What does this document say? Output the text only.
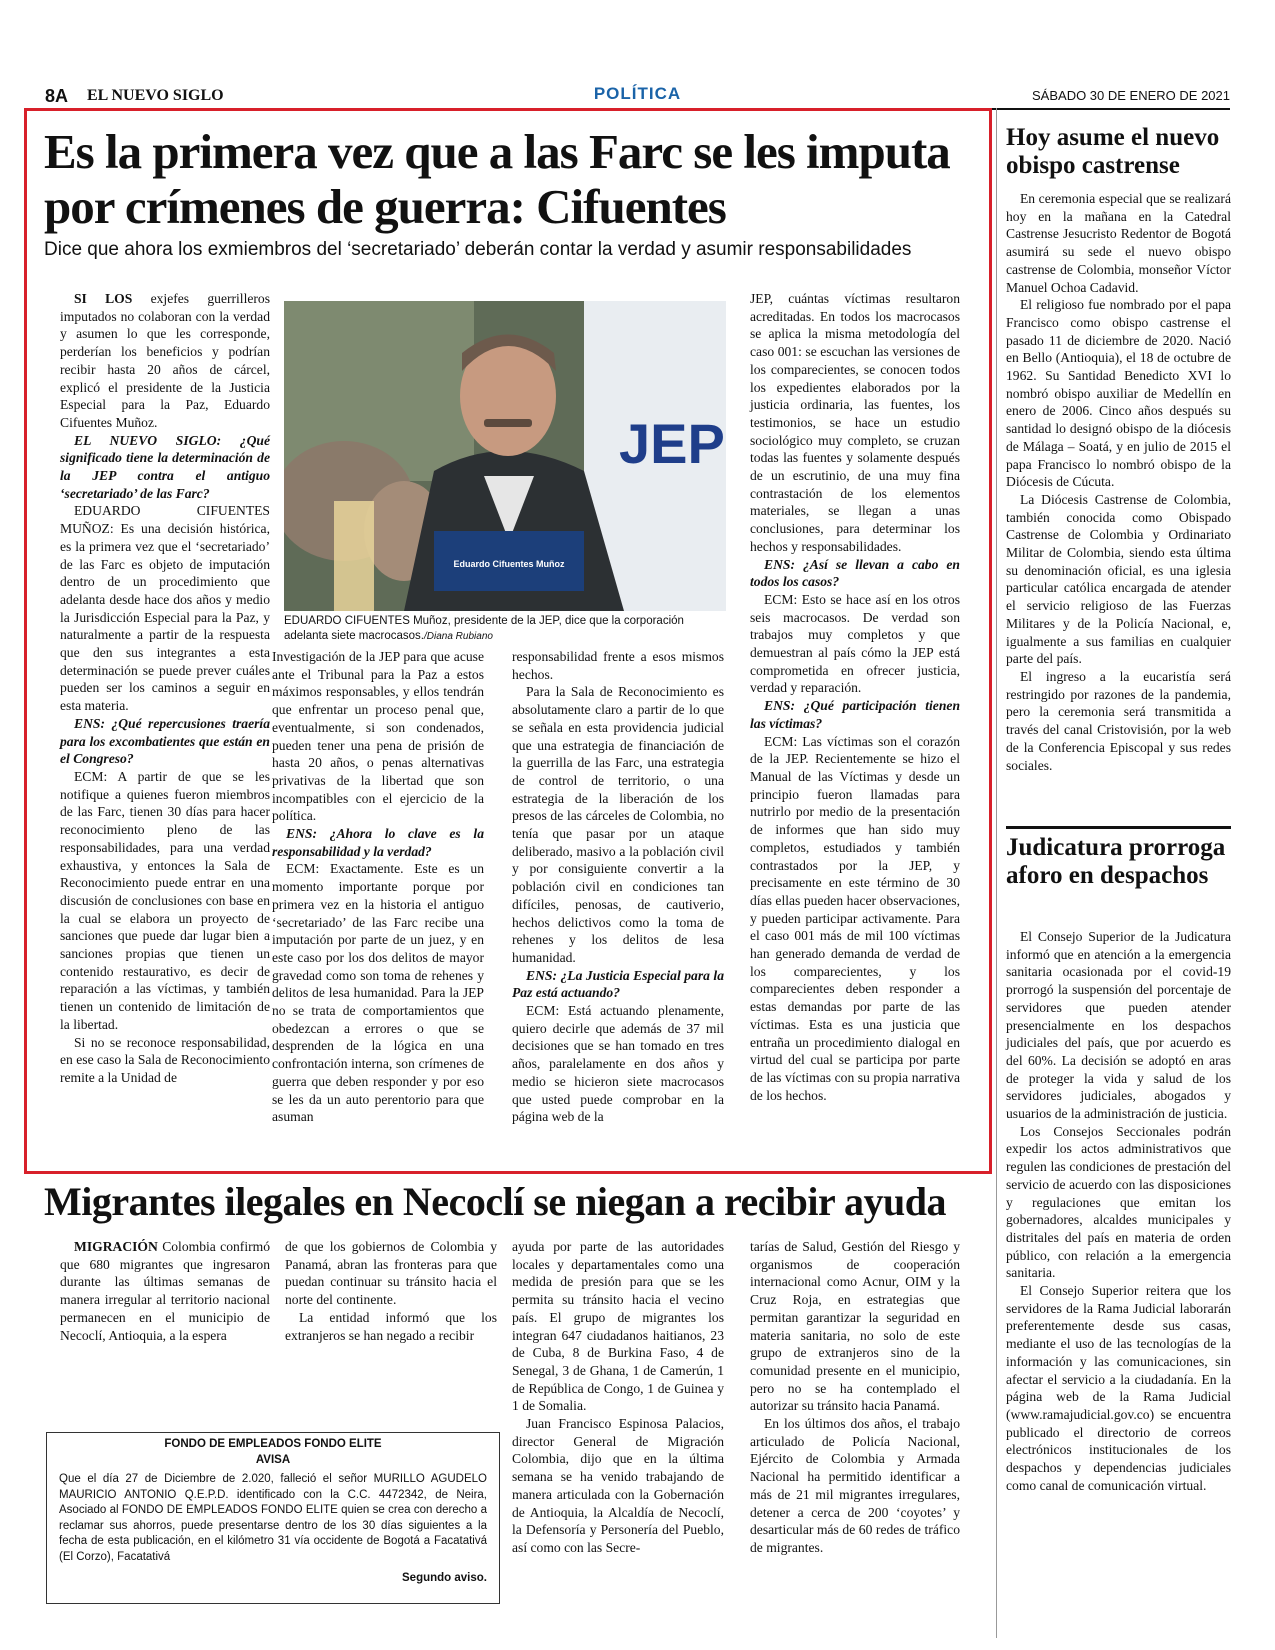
8A EL NUEVO SIGLO	POLÍTICA	SÁBADO 30 DE ENERO DE 2021
Es la primera vez que a las Farc se les imputa por crímenes de guerra: Cifuentes
Dice que ahora los exmiembros del ‘secretariado’ deberán contar la verdad y asumir responsabilidades

SI LOS exjefes guerrilleros imputados no colaboran con la verdad y asumen lo que les corresponde, perderían los beneficios y podrían recibir hasta 20 años de cárcel, explicó el presidente de la Justicia Especial para la Paz, Eduardo Cifuentes Muñoz.

EL NUEVO SIGLO: ¿Qué significado tiene la determinación de la JEP contra el antiguo ‘secretariado’ de las Farc?

EDUARDO CIFUENTES MUÑOZ: Es una decisión histórica, es la primera vez que el ‘secretariado’ de las Farc es objeto de imputación dentro de un procedimiento que adelanta desde hace dos años y medio la Jurisdicción Especial para la Paz, y naturalmente a partir de la respuesta que den sus integrantes a esta determinación se puede prever cuáles pueden ser los caminos a seguir en esta materia.

ENS: ¿Qué repercusiones traería para los excombatientes que están en el Congreso?

ECM: A partir de que se les notifique a quienes fueron miembros de las Farc, tienen 30 días para hacer reconocimiento pleno de las responsabilidades, para una verdad exhaustiva, y entonces la Sala de Reconocimiento puede entrar en una discusión de conclusiones con base en la cual se elabora un proyecto de sanciones que puede dar lugar bien a sanciones propias que tienen un contenido restaurativo, es decir de reparación a las víctimas, y también tienen un contenido de limitación de la libertad.

Si no se reconoce responsabilidad, en ese caso la Sala de Reconocimiento remite a la Unidad de

JEP
Eduardo Cifuentes Muñoz
EDUARDO CIFUENTES Muñoz, presidente de la JEP, dice que la corporación adelanta siete macrocasos./Diana Rubiano

Investigación de la JEP para que acuse ante el Tribunal para la Paz a estos máximos responsables, y ellos tendrán que enfrentar un proceso penal que, eventualmente, si son condenados, pueden tener una pena de prisión de hasta 20 años, o penas alternativas privativas de la libertad que son incompatibles con el ejercicio de la política.

ENS: ¿Ahora lo clave es la responsabilidad y la verdad?

ECM: Exactamente. Este es un momento importante porque por primera vez en la historia el antiguo ‘secretariado’ de las Farc recibe una imputación por parte de un juez, y en este caso por los dos delitos de mayor gravedad como son toma de rehenes y delitos de lesa humanidad. Para la JEP no se trata de comportamientos que obedezcan a errores o que se desprenden de la lógica en una confrontación interna, son crímenes de guerra que deben responder y por eso se les da un auto perentorio para que asuman

responsabilidad frente a esos mismos hechos.

Para la Sala de Reconocimiento es absolutamente claro a partir de lo que se señala en esta providencia judicial que una estrategia de financiación de la guerrilla de las Farc, una estrategia de control de territorio, o una estrategia de la liberación de los presos de las cárceles de Colombia, no tenía que pasar por un ataque deliberado, masivo a la población civil y por consiguiente convertir a la población civil en condiciones tan difíciles, penosas, de cautiverio, hechos delictivos como la toma de rehenes y los delitos de lesa humanidad.

ENS: ¿La Justicia Especial para la Paz está actuando?

ECM: Está actuando plenamente, quiero decirle que además de 37 mil decisiones que se han tomado en tres años, paralelamente en dos años y medio se hicieron siete macrocasos que usted puede comprobar en la página web de la

JEP, cuántas víctimas resultaron acreditadas. En todos los macrocasos se aplica la misma metodología del caso 001: se escuchan las versiones de los comparecientes, se conocen todos los expedientes elaborados por la justicia ordinaria, las fuentes, los testimonios, se hace un estudio sociológico muy completo, se cruzan todas las fuentes y solamente después de un escrutinio, de una muy fina contrastación de los elementos materiales, se llegan a unas conclusiones, para determinar los hechos y responsabilidades.

ENS: ¿Así se llevan a cabo en todos los casos?

ECM: Esto se hace así en los otros seis macrocasos. De verdad son trabajos muy completos y que demuestran al país cómo la JEP está comprometida en ofrecer justicia, verdad y reparación.

ENS: ¿Qué participación tienen las víctimas?

ECM: Las víctimas son el corazón de la JEP. Recientemente se hizo el Manual de las Víctimas y desde un principio fueron llamadas para nutrirlo por medio de la presentación de informes que han sido muy completos, estudiados y también contrastados por la JEP, y precisamente en este término de 30 días ellas pueden hacer observaciones, y pueden participar activamente. Para el caso 001 más de mil 100 víctimas han generado demanda de verdad de los comparecientes, y los comparecientes deben responder a estas demandas por parte de las víctimas. Esta es una justicia que entraña un procedimiento dialogal en virtud del cual se participa por parte de las víctimas con su propia narrativa de los hechos.

Migrantes ilegales en Necoclí se niegan a recibir ayuda

MIGRACIÓN Colombia confirmó que 680 migrantes que ingresaron durante las últimas semanas de manera irregular al territorio nacional permanecen en el municipio de Necoclí, Antioquia, a la espera

de que los gobiernos de Colombia y Panamá, abran las fronteras para que puedan continuar su tránsito hacia el norte del continente.

La entidad informó que los extranjeros se han negado a recibir

ayuda por parte de las autoridades locales y departamentales como una medida de presión para que se les permita su tránsito hacia el vecino país. El grupo de migrantes los integran 647 ciudadanos haitianos, 23 de Cuba, 8 de Burkina Faso, 4 de Senegal, 3 de Ghana, 1 de Camerún, 1 de República de Congo, 1 de Guinea y 1 de Somalia.

Juan Francisco Espinosa Palacios, director General de Migración Colombia, dijo que en la última semana se ha venido trabajando de manera articulada con la Gobernación de Antioquia, la Alcaldía de Necoclí, la Defensoría y Personería del Pueblo, así como con las Secre-

tarías de Salud, Gestión del Riesgo y organismos de cooperación internacional como Acnur, OIM y la Cruz Roja, en estrategias que permitan garantizar la seguridad en materia sanitaria, no solo de este grupo de extranjeros sino de la comunidad presente en el municipio, pero no se ha contemplado el autorizar su tránsito hacia Panamá.

En los últimos dos años, el trabajo articulado de Policía Nacional, Ejército de Colombia y Armada Nacional ha permitido identificar a más de 21 mil migrantes irregulares, detener a cerca de 200 ‘coyotes’ y desarticular más de 60 redes de tráfico de migrantes.

FONDO DE EMPLEADOS FONDO ELITE
AVISA
Que el día 27 de Diciembre de 2.020, falleció el señor MURILLO AGUDELO MAURICIO ANTONIO Q.E.P.D. identificado con la C.C. 4472342, de Neira, Asociado al FONDO DE EMPLEADOS FONDO ELITE quien se crea con derecho a reclamar sus ahorros, puede presentarse dentro de los 30 días siguientes a la fecha de esta publicación, en el kilómetro 31 vía occidente de Bogotá a Facatativá (El Corzo), Facatativá
Segundo aviso.
Hoy asume el nuevo obispo castrense

En ceremonia especial que se realizará hoy en la mañana en la Catedral Castrense Jesucristo Redentor de Bogotá asumirá su sede el nuevo obispo castrense de Colombia, monseñor Víctor Manuel Ochoa Cadavid.

El religioso fue nombrado por el papa Francisco como obispo castrense el pasado 11 de diciembre de 2020. Nació en Bello (Antioquia), el 18 de octubre de 1962. Su Santidad Benedicto XVI lo nombró obispo auxiliar de Medellín en enero de 2006. Cinco años después su santidad lo designó obispo de la diócesis de Málaga – Soatá, y en julio de 2015 el papa Francisco lo nombró obispo de la Diócesis de Cúcuta.

La Diócesis Castrense de Colombia, también conocida como Obispado Castrense de Colombia y Ordinariato Militar de Colombia, siendo esta última su denominación oficial, es una iglesia particular católica encargada de atender el servicio religioso de las Fuerzas Militares y de la Policía Nacional, e, igualmente a sus familias en cualquier parte del país.

El ingreso a la eucaristía será restringido por razones de la pandemia, pero la ceremonia será transmitida a través del canal Cristovisión, por la web de la Conferencia Episcopal y sus redes sociales.

Judicatura prorroga aforo en despachos

El Consejo Superior de la Judicatura informó que en atención a la emergencia sanitaria ocasionada por el covid-19 prorrogó la suspensión del porcentaje de servidores que pueden atender presencialmente en los despachos judiciales del país, que por acuerdo es del 60%. La decisión se adoptó en aras de proteger la vida y salud de los servidores judiciales, abogados y usuarios de la administración de justicia.

Los Consejos Seccionales podrán expedir los actos administrativos que regulen las condiciones de prestación del servicio de acuerdo con las disposiciones y regulaciones que emitan los gobernadores, alcaldes municipales y distritales del país en materia de orden público, con relación a la emergencia sanitaria.

El Consejo Superior reitera que los servidores de la Rama Judicial laborarán preferentemente desde sus casas, mediante el uso de las tecnologías de la información y las comunicaciones, sin afectar el servicio a la ciudadanía. En la página web de la Rama Judicial (www.ramajudicial.gov.co) se encuentra publicado el directorio de correos electrónicos institucionales de los despachos y dependencias judiciales como canal de comunicación virtual.
